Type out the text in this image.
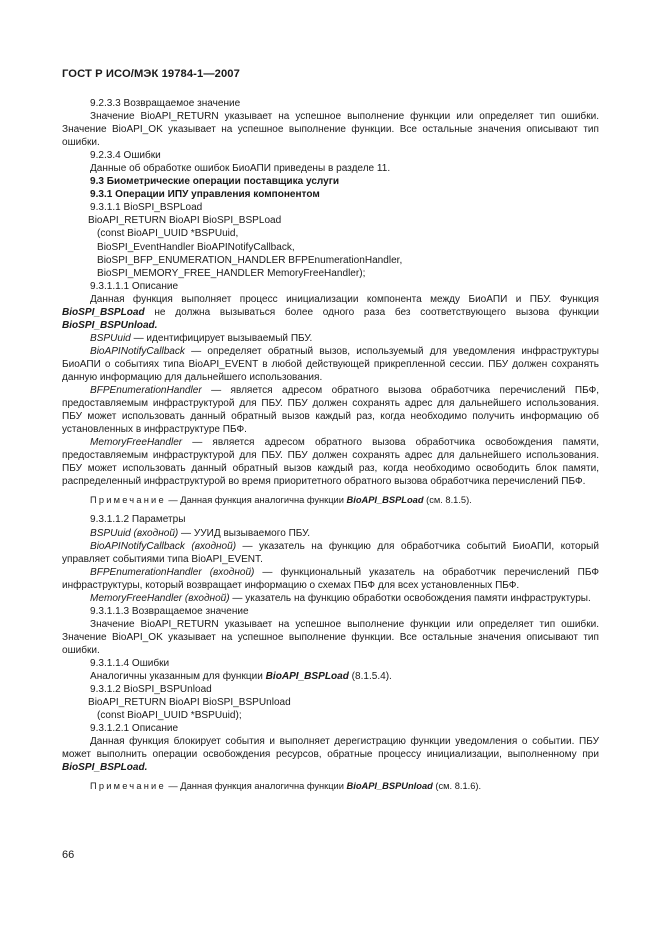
ГОСТ Р ИСО/МЭК 19784-1—2007

9.2.3.3 Возвращаемое значение

Значение BioAPI_RETURN указывает на успешное выполнение функции или определяет тип ошибки. Значение BioAPI_OK указывает на успешное выполнение функции. Все остальные значения описывают тип ошибки.

9.2.3.4 Ошибки

Данные об обработке ошибок БиоАПИ приведены в разделе 11.

9.3 Биометрические операции поставщика услуги

9.3.1 Операции ИПУ управления компонентом

9.3.1.1 BioSPI_BSPLoad

BioAPI_RETURN BioAPI BioSPI_BSPLoad

(const BioAPI_UUID *BSPUuid,

BioSPI_EventHandler BioAPINotifyCallback,

BioSPI_BFP_ENUMERATION_HANDLER BFPEnumerationHandler,

BioSPI_MEMORY_FREE_HANDLER MemoryFreeHandler);

9.3.1.1.1 Описание

Данная функция выполняет процесс инициализации компонента между БиоАПИ и ПБУ. Функция BioSPI_BSPLoad не должна вызываться более одного раза без соответствующего вызова функции BioSPI_BSPUnload.

BSPUuid — идентифицирует вызываемый ПБУ.

BioAPINotifyCallback — определяет обратный вызов, используемый для уведомления инфраструктуры БиоАПИ о событиях типа BioAPI_EVENT в любой действующей прикрепленной сессии. ПБУ должен сохранять данную информацию для дальнейшего использования.

BFPEnumerationHandler — является адресом обратного вызова обработчика перечислений ПБФ, предоставляемым инфраструктурой для ПБУ. ПБУ должен сохранять адрес для дальнейшего использования. ПБУ может использовать данный обратный вызов каждый раз, когда необходимо получить информацию об установленных в инфраструктуре ПБФ.

MemoryFreeHandler — является адресом обратного вызова обработчика освобождения памяти, предоставляемым инфраструктурой для ПБУ. ПБУ должен сохранять адрес для дальнейшего использования. ПБУ может использовать данный обратный вызов каждый раз, когда необходимо освободить блок памяти, распределенный инфраструктурой во время приоритетного обратного вызова обработчика перечислений ПБФ.

Примечание — Данная функция аналогична функции BioAPI_BSPLoad (см. 8.1.5).

9.3.1.1.2 Параметры

BSPUuid (входной) — УУИД вызываемого ПБУ.

BioAPINotifyCallback (входной) — указатель на функцию для обработчика событий БиоАПИ, который управляет событиями типа BioAPI_EVENT.

BFPEnumerationHandler (входной) — функциональный указатель на обработчик перечислений ПБФ инфраструктуры, который возвращает информацию о схемах ПБФ для всех установленных ПБФ.

MemoryFreeHandler (входной) — указатель на функцию обработки освобождения памяти инфраструктуры.

9.3.1.1.3 Возвращаемое значение

Значение BioAPI_RETURN указывает на успешное выполнение функции или определяет тип ошибки. Значение BioAPI_OK указывает на успешное выполнение функции. Все остальные значения описывают тип ошибки.

9.3.1.1.4 Ошибки

Аналогичны указанным для функции BioAPI_BSPLoad (8.1.5.4).

9.3.1.2 BioSPI_BSPUnload

BioAPI_RETURN BioAPI BioSPI_BSPUnload

(const BioAPI_UUID *BSPUuid);

9.3.1.2.1 Описание

Данная функция блокирует события и выполняет дерегистрацию функции уведомления о событии. ПБУ может выполнить операции освобождения ресурсов, обратные процессу инициализации, выполненному при BioSPI_BSPLoad.

Примечание — Данная функция аналогична функции BioAPI_BSPUnload (см. 8.1.6).

66
